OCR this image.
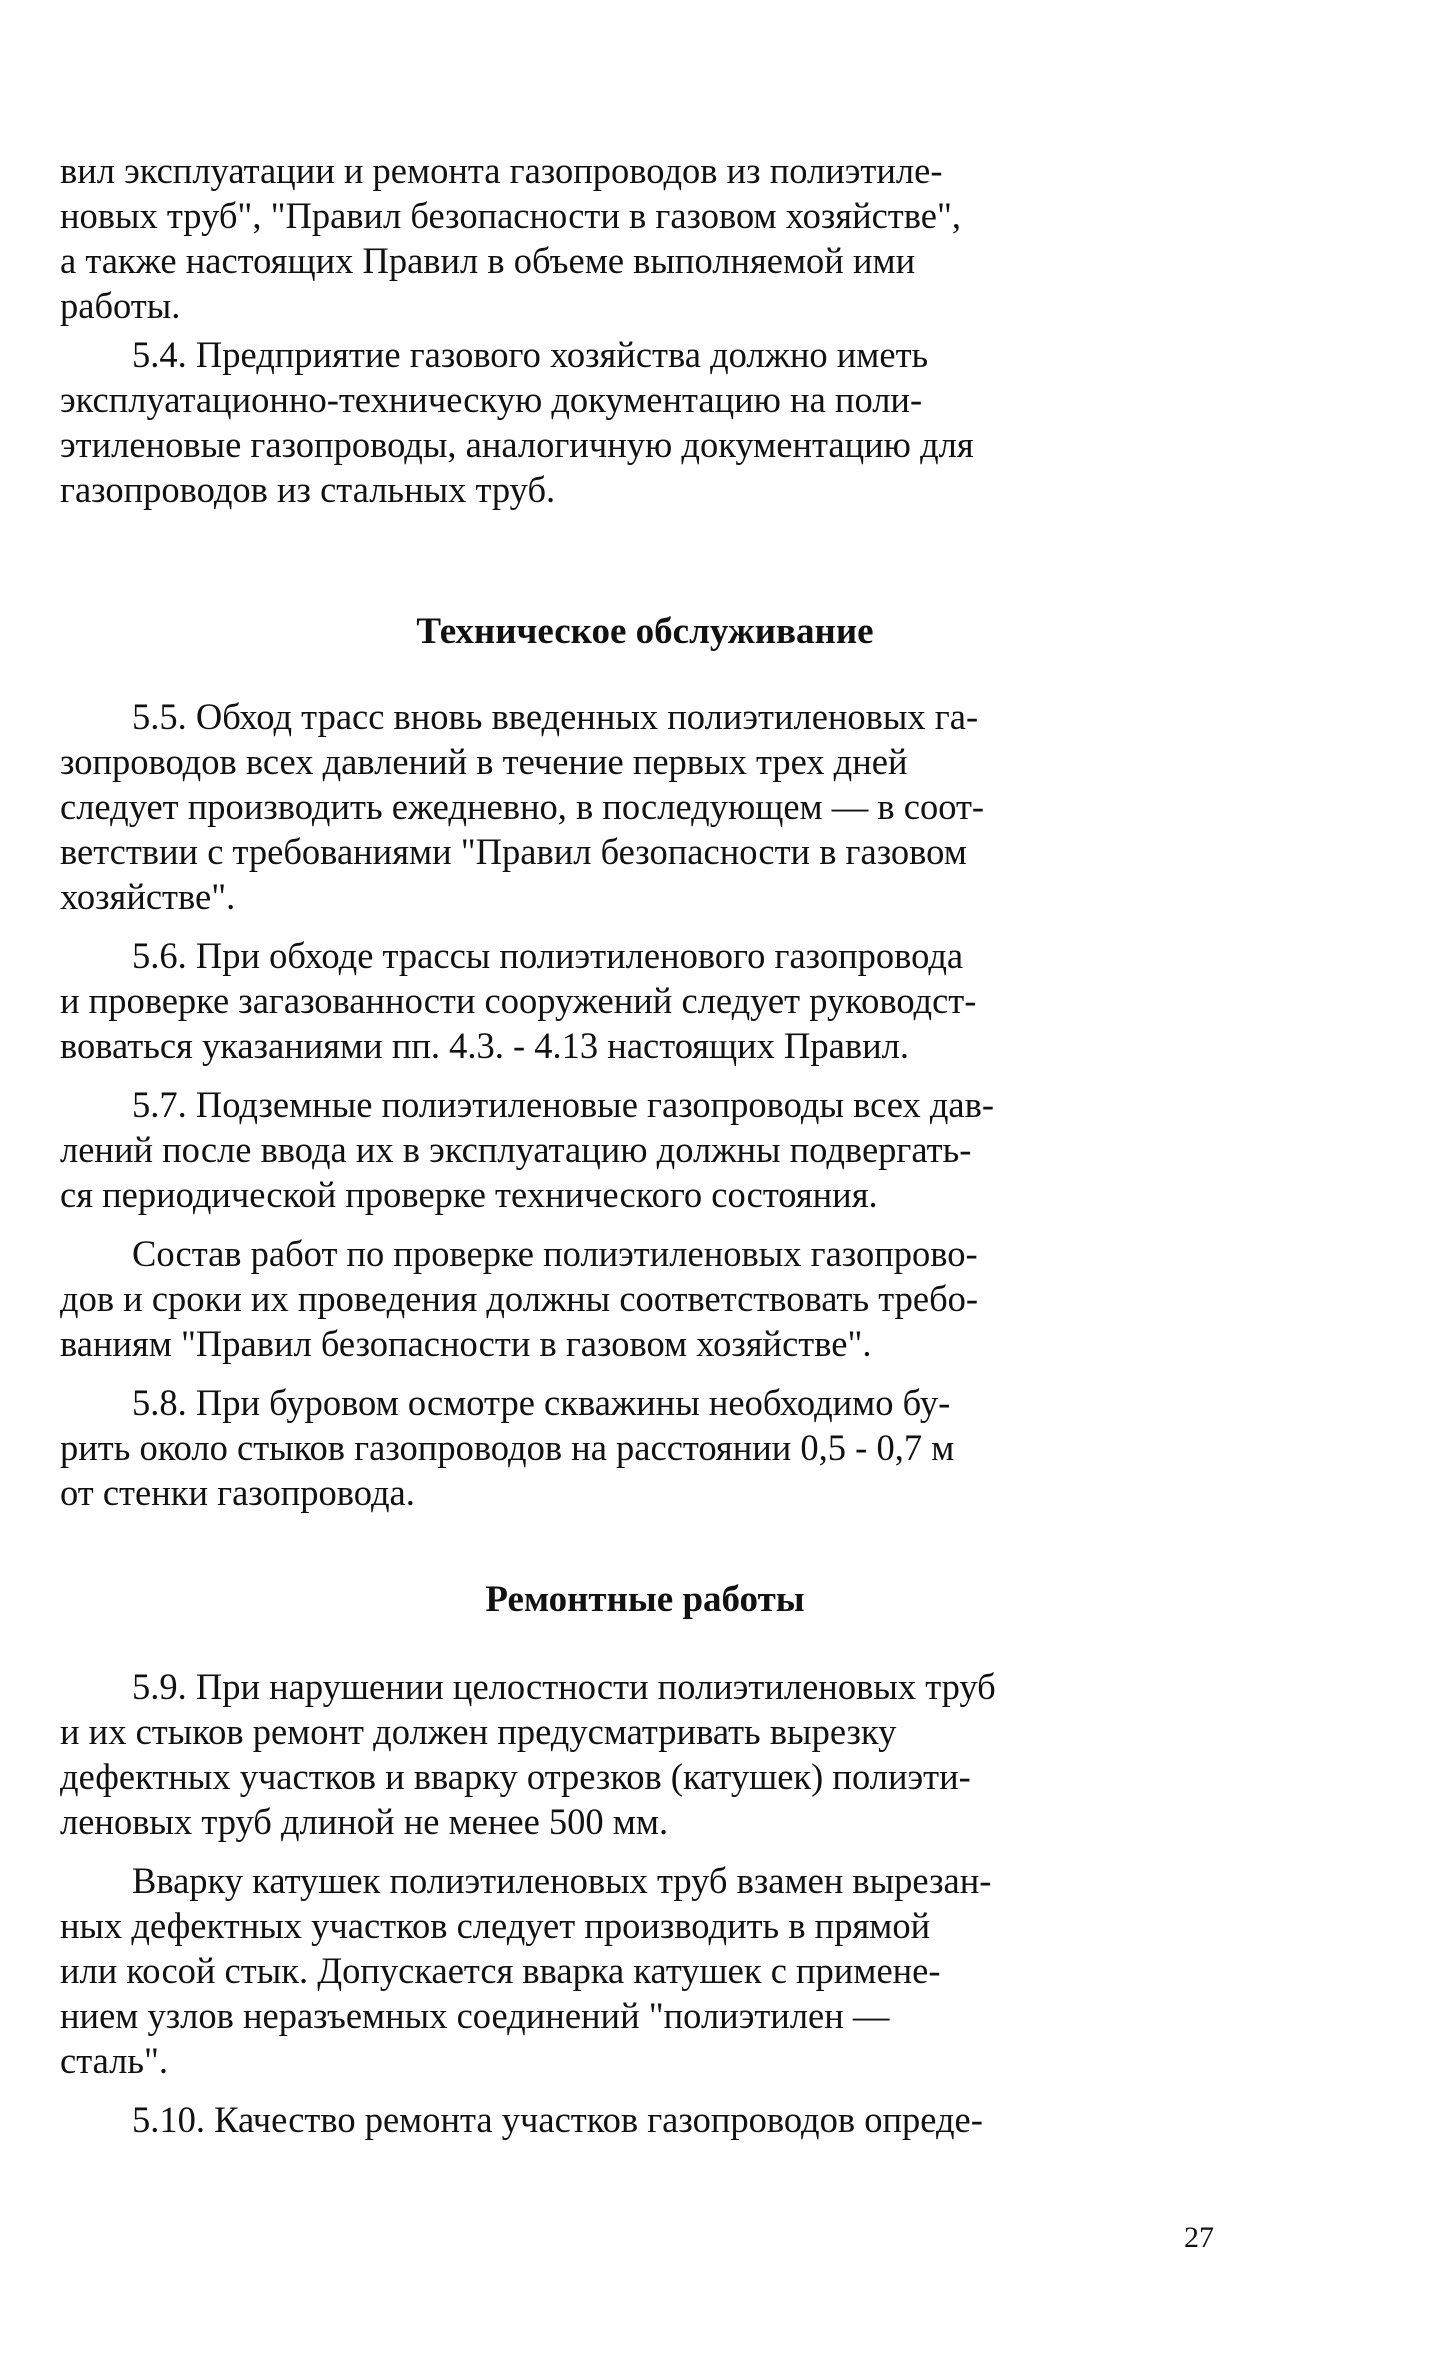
вил эксплуатации и ремонта газопроводов из полиэтиле-
новых труб", "Правил безопасности в газовом хозяйстве",
а также настоящих Правил в объеме выполняемой ими
работы.

5.4. Предприятие газового хозяйства должно иметь
эксплуатационно-техническую документацию на поли-
этиленовые газопроводы, аналогичную документацию для
газопроводов из стальных труб.

Техническое обслуживание

5.5. Обход трасс вновь введенных полиэтиленовых га-
зопроводов всех давлений в течение первых трех дней
следует производить ежедневно, в последующем — в соот-
ветствии с требованиями "Правил безопасности в газовом
хозяйстве".

5.6. При обходе трассы полиэтиленового газопровода
и проверке загазованности сооружений следует руководст-
воваться указаниями пп. 4.3. - 4.13 настоящих Правил.

5.7. Подземные полиэтиленовые газопроводы всех дав-
лений после ввода их в эксплуатацию должны подвергать-
ся периодической проверке технического состояния.

Состав работ по проверке полиэтиленовых газопрово-
дов и сроки их проведения должны соответствовать требо-
ваниям "Правил безопасности в газовом хозяйстве".

5.8. При буровом осмотре скважины необходимо бу-
рить около стыков газопроводов на расстоянии 0,5 - 0,7 м
от стенки газопровода.

Ремонтные работы

5.9. При нарушении целостности полиэтиленовых труб
и их стыков ремонт должен предусматривать вырезку
дефектных участков и вварку отрезков (катушек) полиэти-
леновых труб длиной не менее 500 мм.

Вварку катушек полиэтиленовых труб взамен вырезан-
ных дефектных участков следует производить в прямой
или косой стык. Допускается вварка катушек с примене-
нием узлов неразъемных соединений "полиэтилен —
сталь".

5.10. Качество ремонта участков газопроводов опреде-

27
